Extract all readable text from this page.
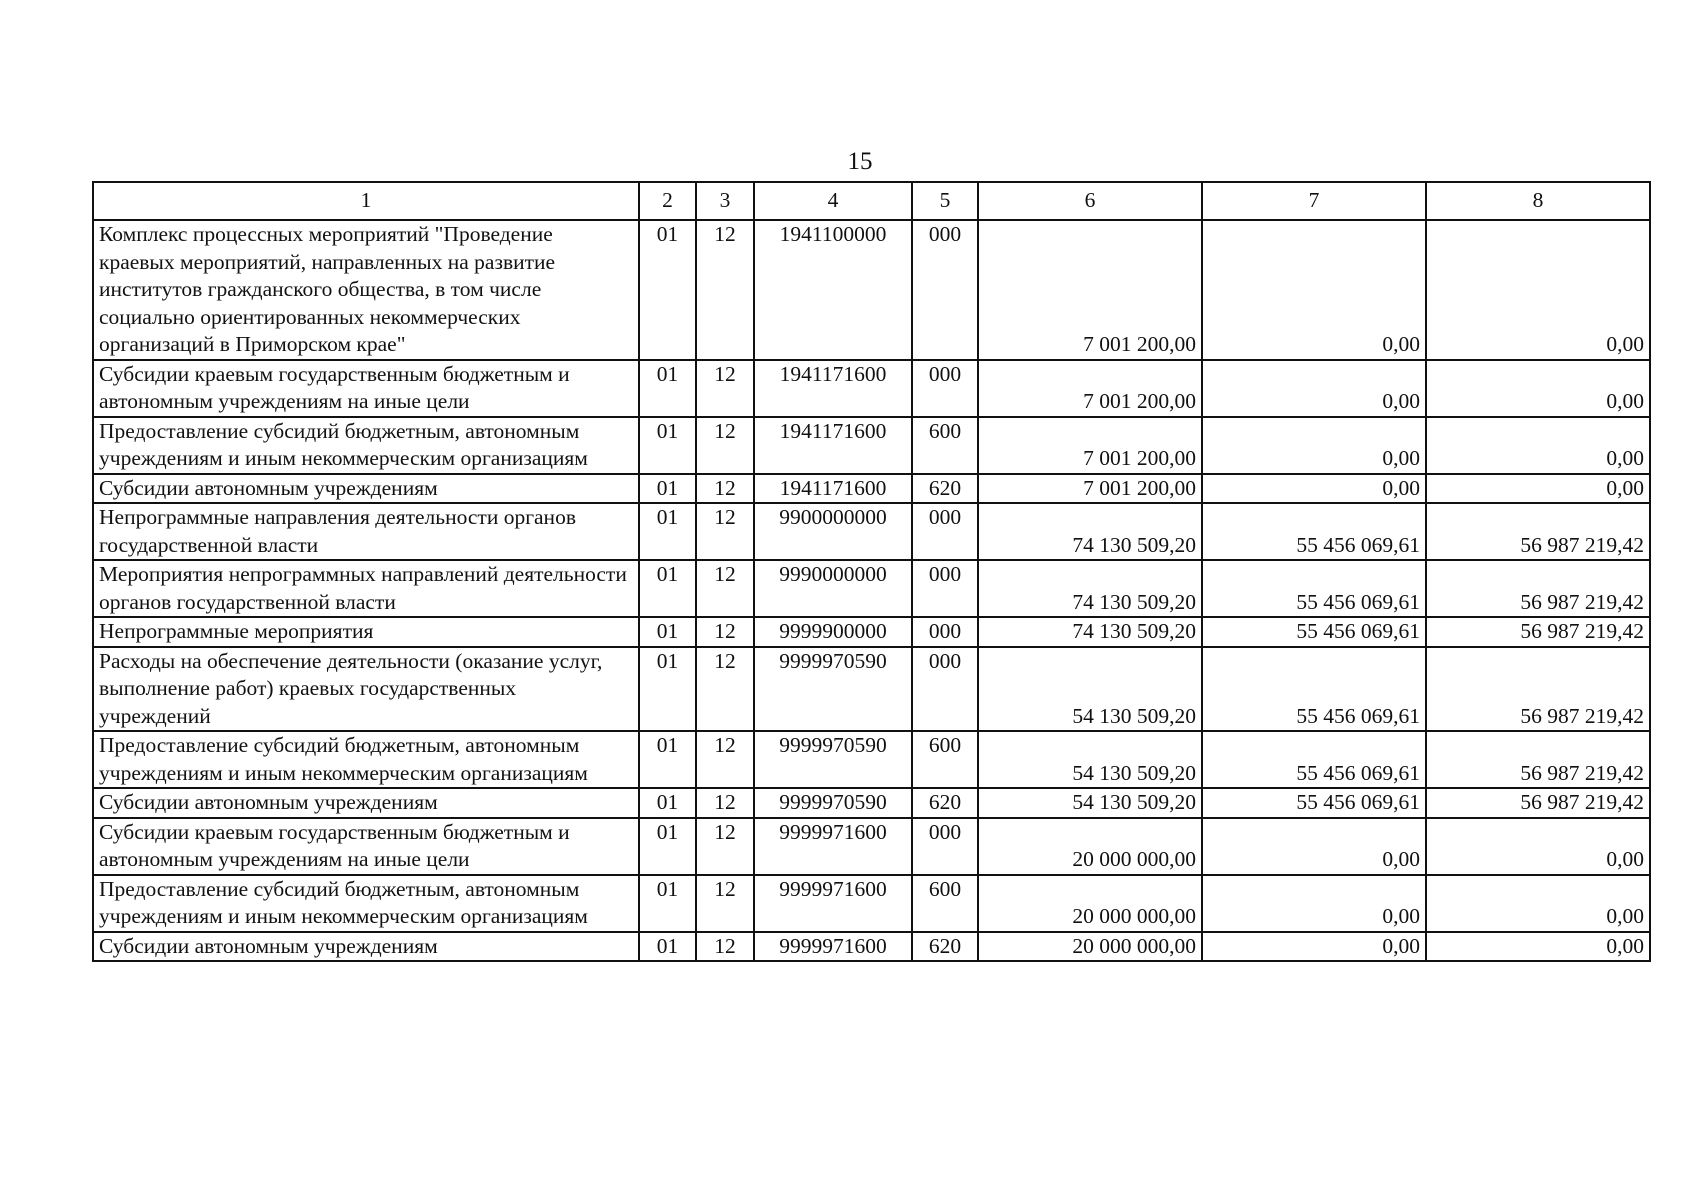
15
1	2	3	4	5	6	7	8
Комплекс процессных мероприятий "Проведение краевых мероприятий, направленных на развитие институтов гражданского общества, в том числе социально ориентированных некоммерческих организаций в Приморском крае"	01	12	1941100000	000	7 001 200,00	0,00	0,00
Субсидии краевым государственным бюджетным и автономным учреждениям на иные цели	01	12	1941171600	000	7 001 200,00	0,00	0,00
Предоставление субсидий бюджетным, автономным учреждениям и иным некоммерческим организациям	01	12	1941171600	600	7 001 200,00	0,00	0,00
Субсидии автономным учреждениям	01	12	1941171600	620	7 001 200,00	0,00	0,00
Непрограммные направления деятельности органов государственной власти	01	12	9900000000	000	74 130 509,20	55 456 069,61	56 987 219,42
Мероприятия непрограммных направлений деятельности органов государственной власти	01	12	9990000000	000	74 130 509,20	55 456 069,61	56 987 219,42
Непрограммные мероприятия	01	12	9999900000	000	74 130 509,20	55 456 069,61	56 987 219,42
Расходы на обеспечение деятельности (оказание услуг, выполнение работ) краевых государственных учреждений	01	12	9999970590	000	54 130 509,20	55 456 069,61	56 987 219,42
Предоставление субсидий бюджетным, автономным учреждениям и иным некоммерческим организациям	01	12	9999970590	600	54 130 509,20	55 456 069,61	56 987 219,42
Субсидии автономным учреждениям	01	12	9999970590	620	54 130 509,20	55 456 069,61	56 987 219,42
Субсидии краевым государственным бюджетным и автономным учреждениям на иные цели	01	12	9999971600	000	20 000 000,00	0,00	0,00
Предоставление субсидий бюджетным, автономным учреждениям и иным некоммерческим организациям	01	12	9999971600	600	20 000 000,00	0,00	0,00
Субсидии автономным учреждениям	01	12	9999971600	620	20 000 000,00	0,00	0,00
